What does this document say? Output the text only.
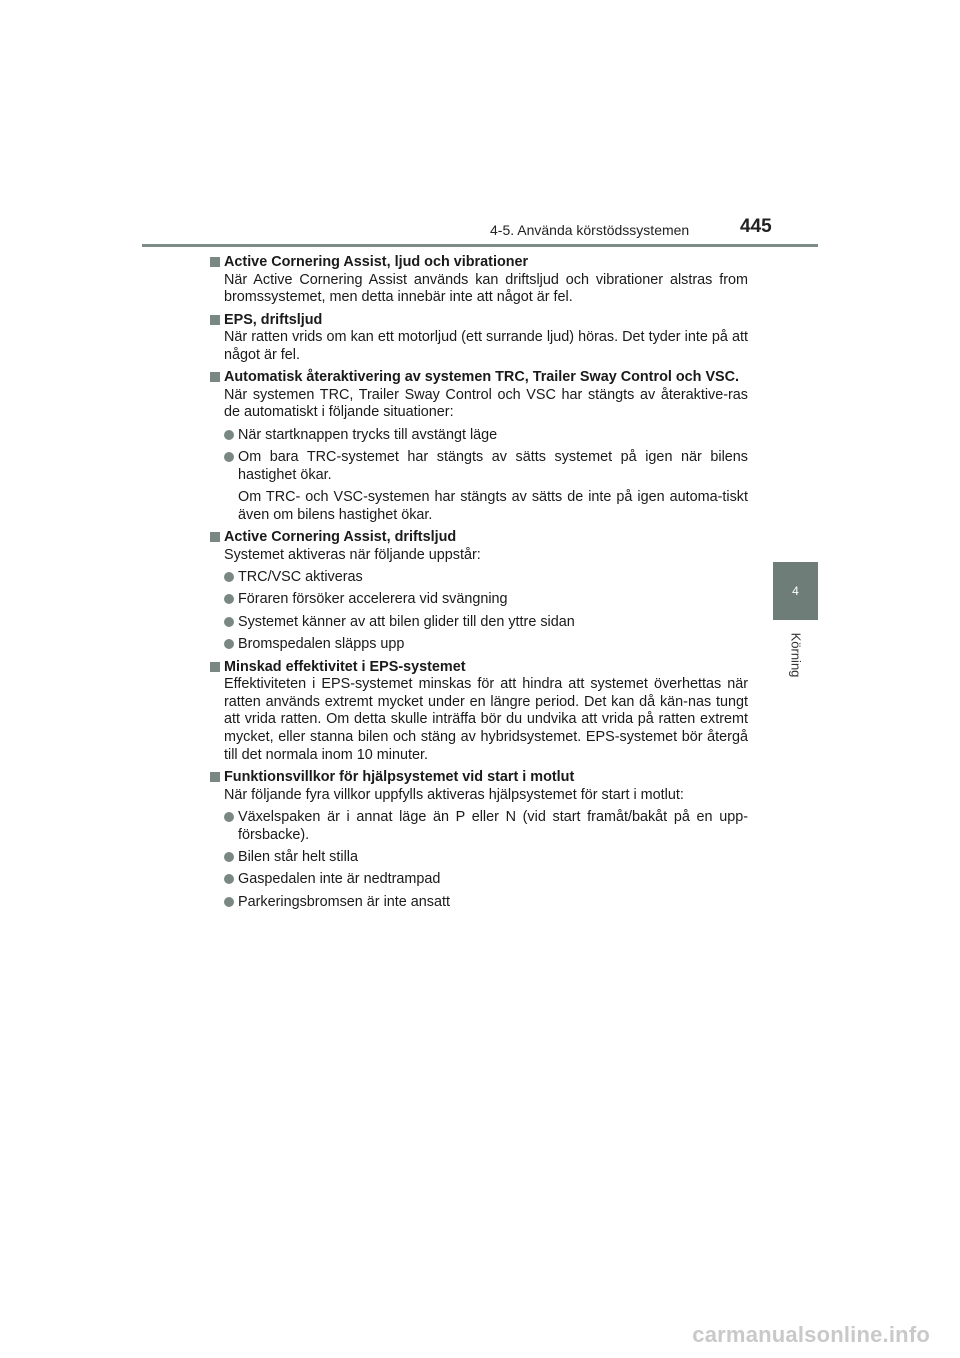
4-5. Använda körstödssystemen	445
4
Körning
Active Cornering Assist, ljud och vibrationer
När Active Cornering Assist används kan driftsljud och vibrationer alstras from bromssystemet, men detta innebär inte att något är fel.
EPS, driftsljud
När ratten vrids om kan ett motorljud (ett surrande ljud) höras. Det tyder inte på att något är fel.
Automatisk återaktivering av systemen TRC, Trailer Sway Control och VSC.
När systemen TRC, Trailer Sway Control och VSC har stängts av återaktive-ras de automatiskt i följande situationer:
När startknappen trycks till avstängt läge
Om bara TRC-systemet har stängts av sätts systemet på igen när bilens hastighet ökar.
Om TRC- och VSC-systemen har stängts av sätts de inte på igen automa-tiskt även om bilens hastighet ökar.
Active Cornering Assist, driftsljud
Systemet aktiveras när följande uppstår:
TRC/VSC aktiveras
Föraren försöker accelerera vid svängning
Systemet känner av att bilen glider till den yttre sidan
Bromspedalen släpps upp
Minskad effektivitet i EPS-systemet
Effektiviteten i EPS-systemet minskas för att hindra att systemet överhettas när ratten används extremt mycket under en längre period. Det kan då kän-nas tungt att vrida ratten. Om detta skulle inträffa bör du undvika att vrida på ratten extremt mycket, eller stanna bilen och stäng av hybridsystemet. EPS-systemet bör återgå till det normala inom 10 minuter.
Funktionsvillkor för hjälpsystemet vid start i motlut
När följande fyra villkor uppfylls aktiveras hjälpsystemet för start i motlut:
Växelspaken är i annat läge än P eller N (vid start framåt/bakåt på en upp-försbacke).
Bilen står helt stilla
Gaspedalen inte är nedtrampad
Parkeringsbromsen är inte ansatt
carmanualsonline.info
